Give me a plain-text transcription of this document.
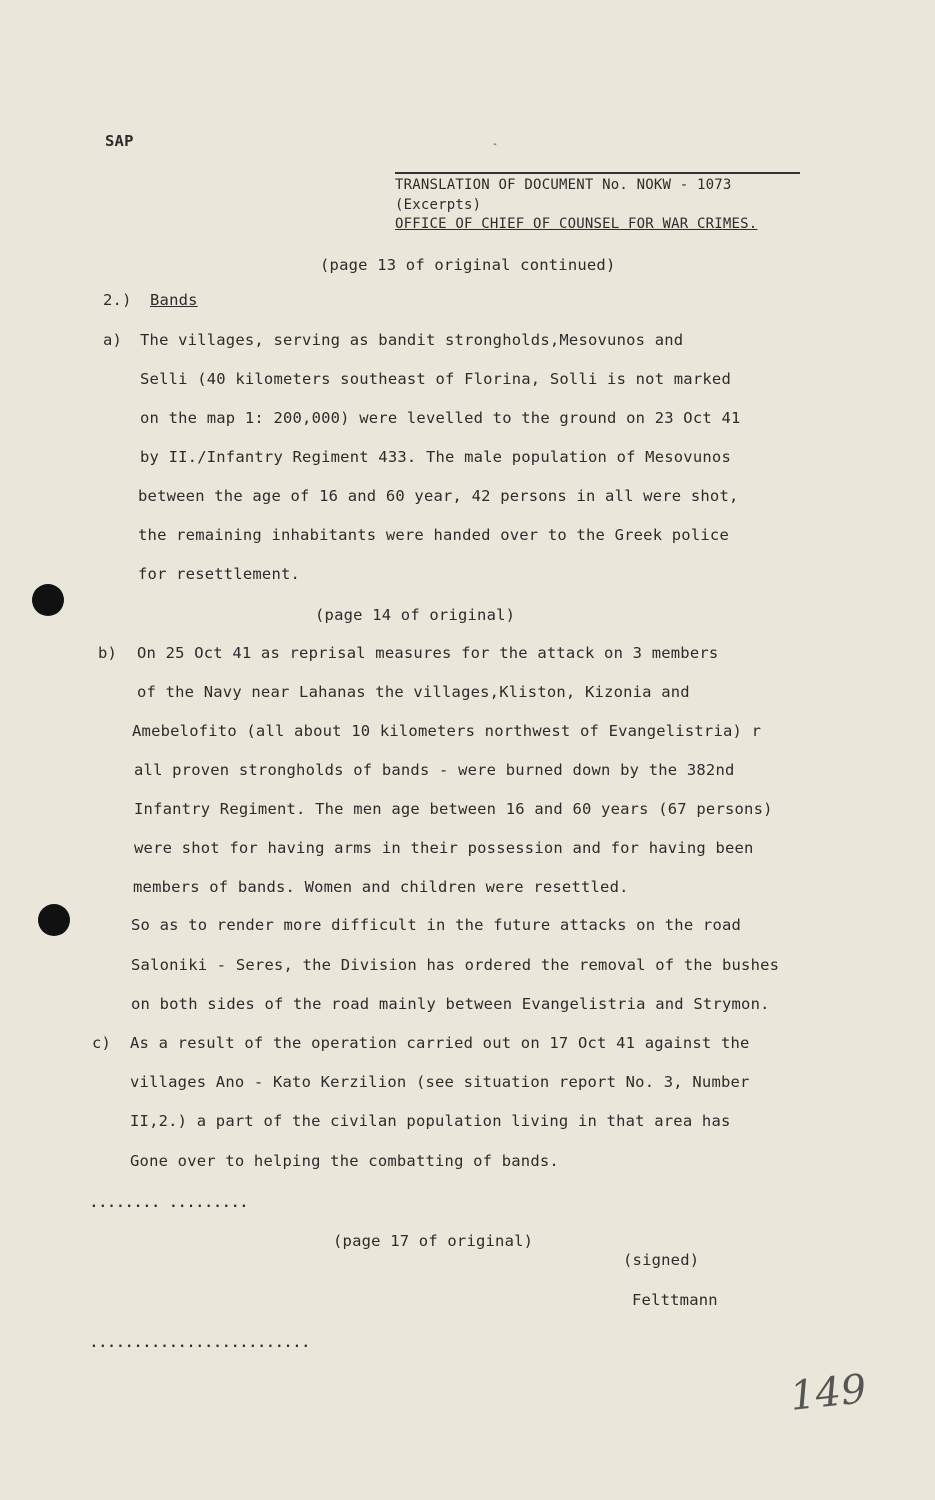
SAP	-
TRANSLATION OF DOCUMENT No. NOKW - 1073
(Excerpts)
OFFICE OF CHIEF OF COUNSEL FOR WAR CRIMES.
(page 13 of original continued)
2.) Bands
a) The villages, serving as bandit strongholds,Mesovunos and
Selli (40 kilometers southeast of Florina, Solli is not marked
on the map 1: 200,000) were levelled to the ground on 23 Oct 41
by II./Infantry Regiment 433. The male population of Mesovunos
between the age of 16 and 60 year, 42 persons in all were shot,
the remaining inhabitants were handed over to the Greek police
for resettlement.
(page 14 of original)
b) On 25 Oct 41 as reprisal measures for the attack on 3 members
of the Navy near Lahanas the villages,Kliston, Kizonia and
Amebelofito (all about 10 kilometers northwest of Evangelistria) r
all proven strongholds of bands - were burned down by the 382nd
Infantry Regiment. The men age between 16 and 60 years (67 persons)
were shot for having arms in their possession and for having been
members of bands. Women and children were resettled.
So as to render more difficult in the future attacks on the road
Saloniki - Seres, the Division has ordered the removal of the bushes
on both sides of the road mainly between Evangelistria and Strymon.
c) As a result of the operation carried out on 17 Oct 41 against the
villages Ano - Kato Kerzilion (see situation report No. 3, Number
II,2.) a part of the civilan population living in that area has
Gone over to helping the combatting of bands.
........ .........
(page 17 of original)
(signed)
Felttmann
.........................
149
